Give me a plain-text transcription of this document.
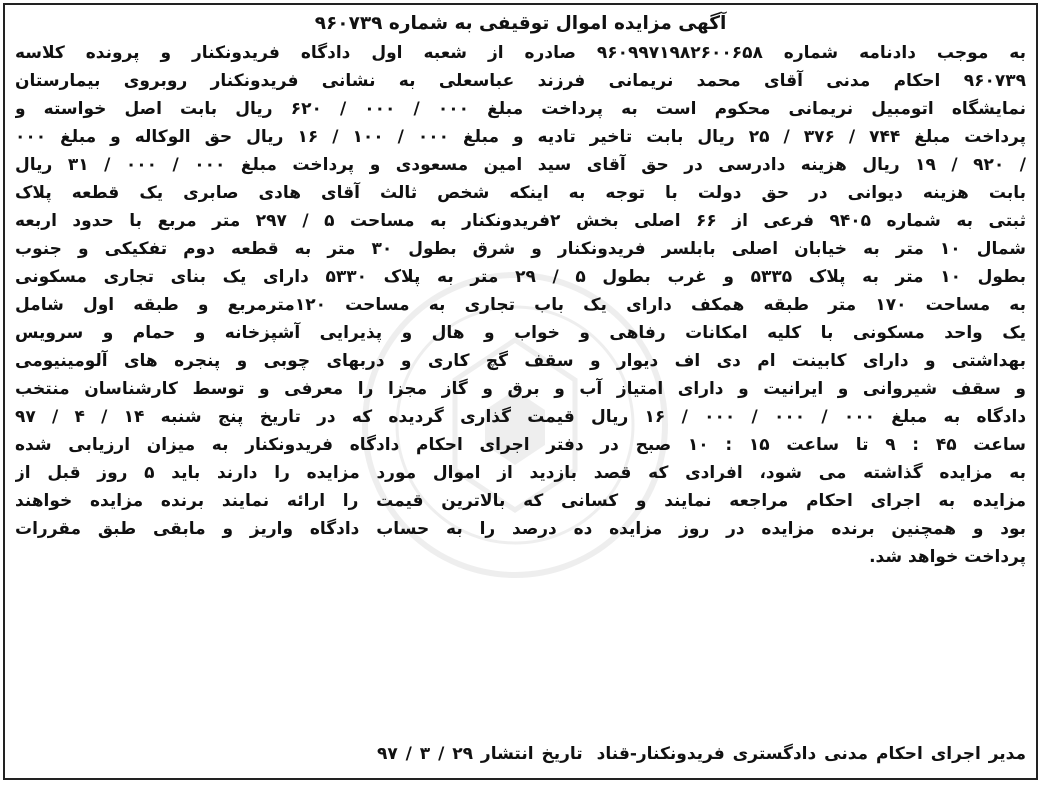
آگهی مزایده اموال توقیفی به شماره ۹۶۰۷۳۹
به موجب دادنامه شماره ۹۶۰۹۹۷۱۹۸۲۶۰۰۶۵۸ صادره از شعبه اول دادگاه فریدونکنار و پرونده کلاسه
۹۶۰۷۳۹ احکام مدنی آقای محمد نریمانی فرزند عباسعلی به نشانی فریدونکنار روبروی بیمارستان
نمایشگاه اتومبیل نریمانی محکوم است به پرداخت مبلغ ۰۰۰ / ۰۰۰ / ۶۲۰ ریال بابت اصل خواسته و
پرداخت مبلغ ۷۴۴ / ۳۷۶ / ۲۵ ریال بابت تاخیر تادیه و مبلغ ۰۰۰ / ۱۰۰ / ۱۶ ریال حق الوکاله و مبلغ ۰۰۰
/ ۹۲۰ / ۱۹ ریال هزینه دادرسی در حق آقای سید امین مسعودی و پرداخت مبلغ ۰۰۰ / ۰۰۰ / ۳۱ ریال
بابت هزینه دیوانی در حق دولت با توجه به اینکه شخص ثالث آقای هادی صابری یک قطعه پلاک
ثبتی به شماره ۹۴۰۵ فرعی از ۶۶ اصلی بخش ۲فریدونکنار به مساحت ۵ / ۲۹۷ متر مربع با حدود اربعه
شمال ۱۰ متر به خیابان اصلی بابلسر فریدونکنار و شرق بطول ۳۰ متر به قطعه دوم تفکیکی و جنوب
بطول ۱۰ متر به پلاک ۵۳۳۵ و غرب بطول ۵ / ۲۹ متر به پلاک ۵۳۳۰ دارای یک بنای تجاری مسکونی
به مساحت ۱۷۰ متر طبقه همکف دارای یک باب تجاری به مساحت ۱۲۰مترمربع و طبقه اول شامل
یک واحد مسکونی با کلیه امکانات رفاهی و خواب و هال و پذیرایی آشپزخانه و حمام و سرویس
بهداشتی و دارای کابینت ام دی اف دیوار و سقف گچ کاری و دربهای چوبی و پنجره های آلومینیومی
و سقف شیروانی و ایرانیت و دارای امتیاز آب و برق و گاز مجزا را معرفی و توسط کارشناسان منتخب
دادگاه به مبلغ ۰۰۰ / ۰۰۰ / ۰۰۰ / ۱۶ ریال قیمت گذاری گردیده که در تاریخ پنج شنبه ۱۴ / ۴ / ۹۷
ساعت ۴۵ : ۹ تا ساعت ۱۵ : ۱۰ صبح در دفتر اجرای احکام دادگاه فریدونکنار به میزان ارزیابی شده
به مزایده گذاشته می شود، افرادی که قصد بازدید از اموال مورد مزایده را دارند باید ۵ روز قبل از
مزایده به اجرای احکام مراجعه نمایند و کسانی که بالاترین قیمت را ارائه نمایند برنده مزایده خواهند
بود و همچنین برنده مزایده در روز مزایده ده درصد را به حساب دادگاه واریز و مابقی طبق مقررات
پرداخت خواهد شد.
مدیر اجرای احکام مدنی دادگستری فریدونکنار-قنادتاریخ انتشار ۲۹ / ۳ / ۹۷
